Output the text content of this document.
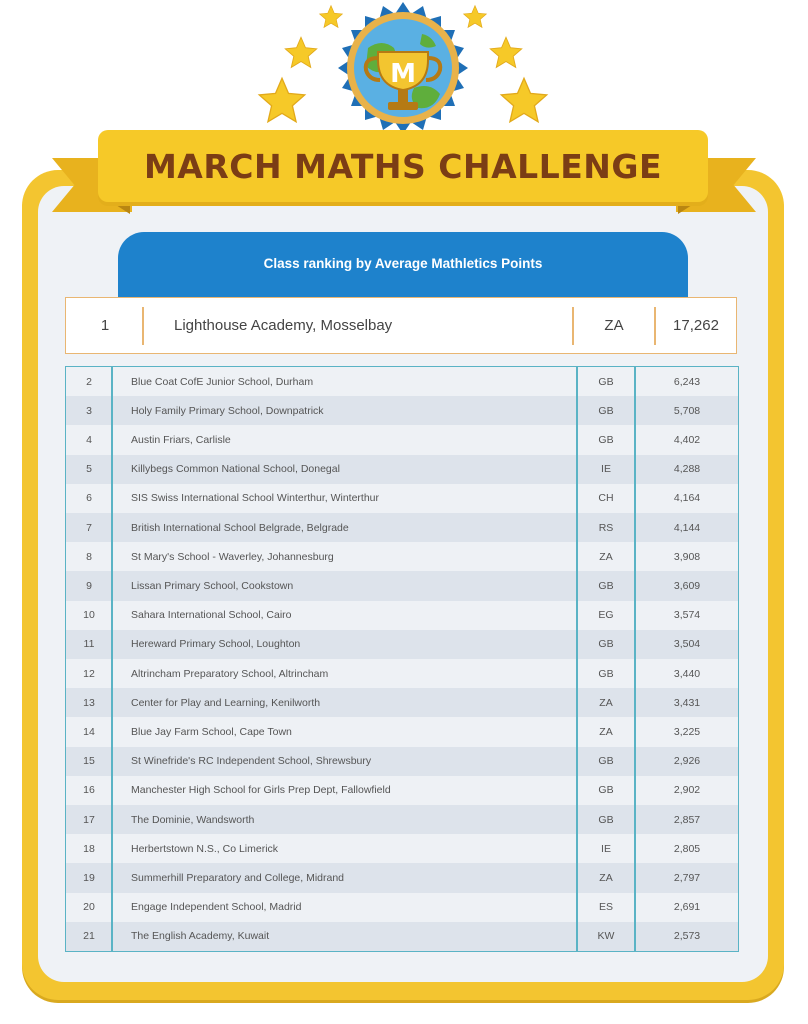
M
MARCH MATHS CHALLENGE
Class ranking by Average Mathletics Points
1	Lighthouse Academy, Mosselbay	ZA	17,262
21	The English Academy, Kuwait	KW	2,573
20	Engage Independent School, Madrid	ES	2,691
19	Summerhill Preparatory and College, Midrand	ZA	2,797
18	Herbertstown N.S., Co Limerick	IE	2,805
17	The Dominie, Wandsworth	GB	2,857
16	Manchester High School for Girls Prep Dept, Fallowfield	GB	2,902
15	St Winefride's RC Independent School, Shrewsbury	GB	2,926
14	Blue Jay Farm School, Cape Town	ZA	3,225
13	Center for Play and Learning, Kenilworth	ZA	3,431
12	Altrincham Preparatory School, Altrincham	GB	3,440
11	Hereward Primary School, Loughton	GB	3,504
10	Sahara International School, Cairo	EG	3,574
9	Lissan Primary School, Cookstown	GB	3,609
8	St Mary's School - Waverley, Johannesburg	ZA	3,908
7	British International School Belgrade, Belgrade	RS	4,144
6	SIS Swiss International School Winterthur, Winterthur	CH	4,164
5	Killybegs Common National School, Donegal	IE	4,288
4	Austin Friars, Carlisle	GB	4,402
3	Holy Family Primary School, Downpatrick	GB	5,708
2	Blue Coat CofE Junior School, Durham	GB	6,243
